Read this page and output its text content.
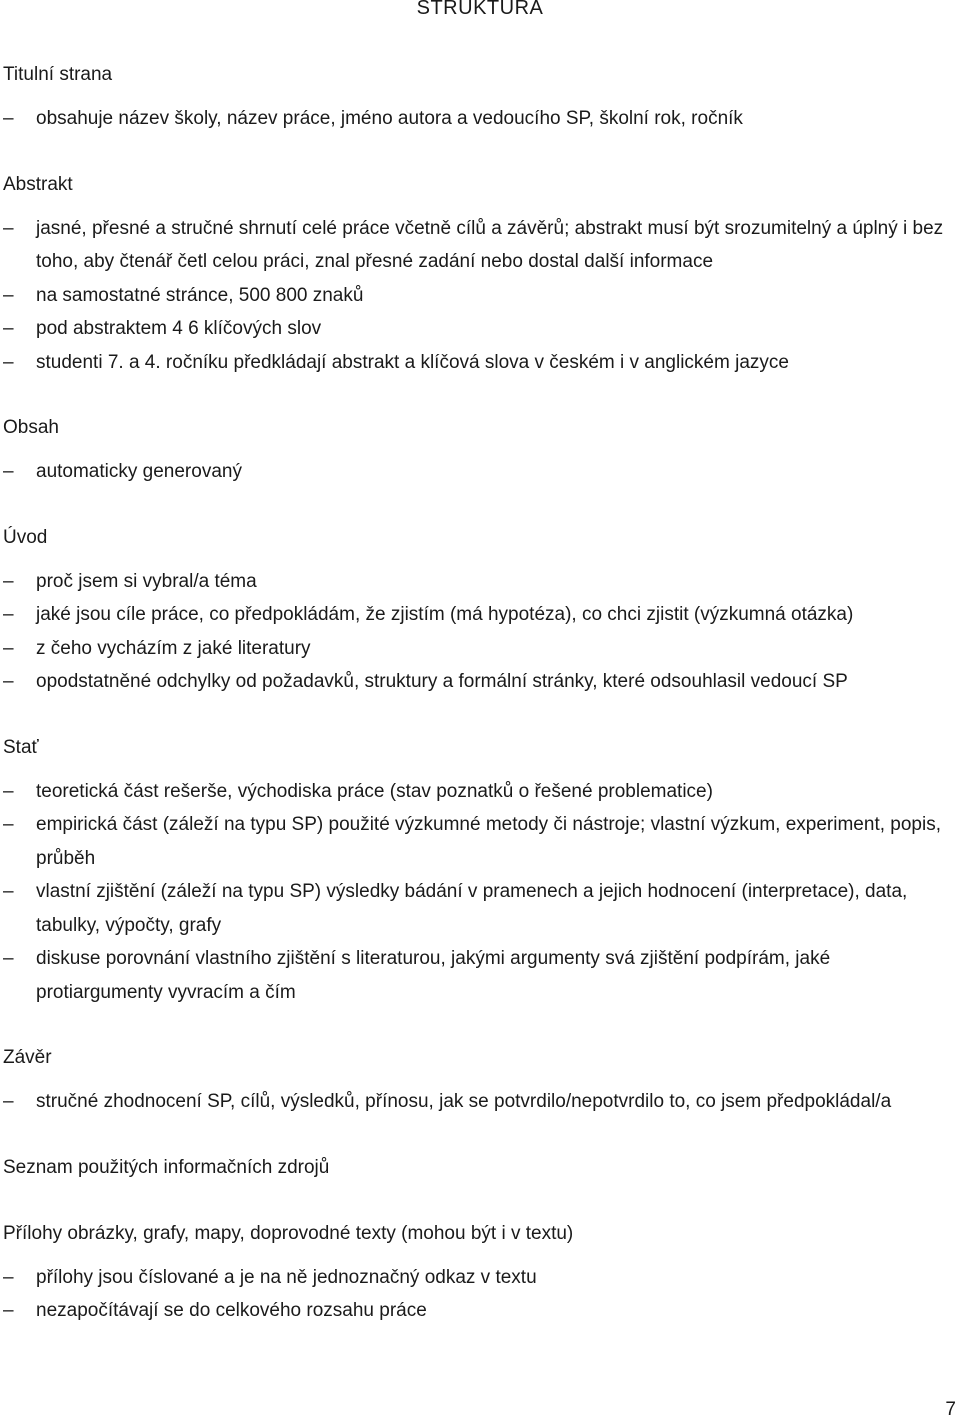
STRUKTURA
Titulní strana
–	obsahuje název školy, název práce, jméno autora a vedoucího SP, školní rok, ročník
Abstrakt
–	jasné, přesné a stručné shrnutí celé práce včetně cílů a závěrů; abstrakt musí být srozumitelný a úplný i bez toho, aby čtenář četl celou práci, znal přesné zadání nebo dostal další informace
–	na samostatné stránce, 500 800 znaků
–	pod abstraktem 4 6 klíčových slov
–	studenti 7. a 4. ročníku předkládají abstrakt a klíčová slova v českém i v anglickém jazyce
Obsah
–	automaticky generovaný
Úvod
–	proč jsem si vybral/a téma
–	jaké jsou cíle práce, co předpokládám, že zjistím (má hypotéza), co chci zjistit (výzkumná otázka)
–	z čeho vycházím z jaké literatury
–	opodstatněné odchylky od požadavků, struktury a formální stránky, které odsouhlasil vedoucí SP
Stať
–	teoretická část rešerše, východiska práce (stav poznatků o řešené problematice)
–	empirická část (záleží na typu SP) použité výzkumné metody či nástroje; vlastní výzkum, experiment, popis, průběh
–	vlastní zjištění (záleží na typu SP) výsledky bádání v pramenech a jejich hodnocení (interpretace), data, tabulky, výpočty, grafy
–	diskuse porovnání vlastního zjištění s literaturou, jakými argumenty svá zjištění podpírám, jaké protiargumenty vyvracím a čím
Závěr
–	stručné zhodnocení SP, cílů, výsledků, přínosu, jak se potvrdilo/nepotvrdilo to, co jsem předpokládal/a
Seznam použitých informačních zdrojů
Přílohy obrázky, grafy, mapy, doprovodné texty (mohou být i v textu)
–	přílohy jsou číslované a je na ně jednoznačný odkaz v textu
–	nezapočítávají se do celkového rozsahu práce
7
